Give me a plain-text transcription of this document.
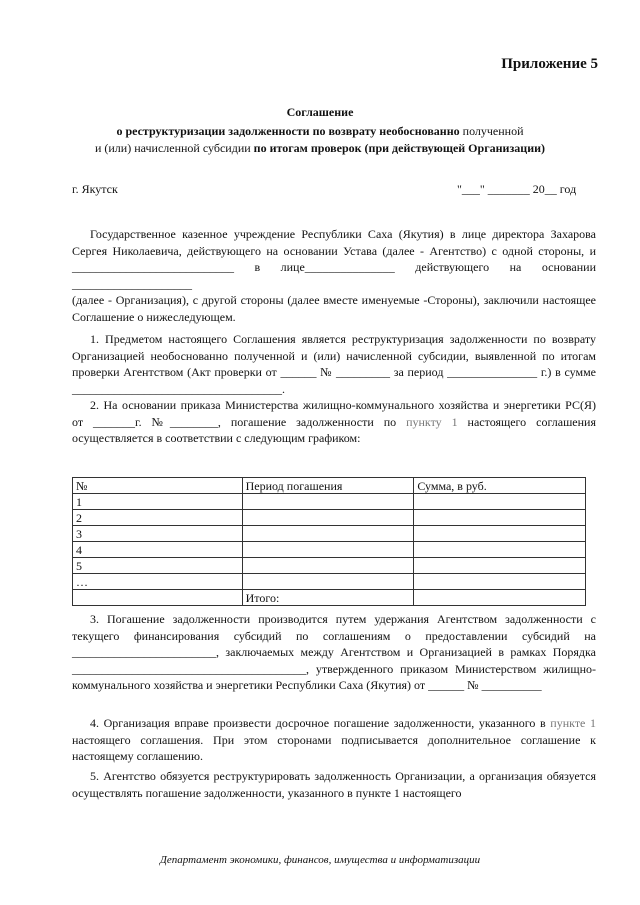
Приложение 5
Соглашение
о реструктуризации задолженности по возврату необоснованно полученной
и (или) начисленной субсидии по итогам проверок (при действующей Организации)
г. Якутск	"___" _______ 20__ год

Государственное казенное учреждение Республики Саха (Якутия) в лице директора Захарова Сергея Николаевича, действующего на основании Устава (далее - Агентство) с одной стороны, и ___________________________ в лице_______________ действующего на основании ____________________

(далее - Организация), с другой стороны (далее вместе именуемые -Стороны), заключили настоящее Соглашение о нижеследующем.

1. Предметом настоящего Соглашения является реструктуризация задолженности по возврату Организацией необоснованно полученной и (или) начисленной субсидии, выявленной по итогам проверки Агентством (Акт проверки от ______ № _________ за период _______________ г.) в сумме ___________________________________.

2. На основании приказа Министерства жилищно-коммунального хозяйства и энергетики РС(Я) от _______г. №________, погашение задолженности по пункту 1 настоящего соглашения осуществляется в соответствии с следующим графиком:

№	Период погашения	Сумма, в руб.
1		
2		
3		
4		
5		
…		
	Итого:	

3. Погашение задолженности производится путем удержания Агентством задолженности с текущего финансирования субсидий по соглашениям о предоставлении субсидий на ________________________, заключаемых между Агентством и Организацией в рамках Порядка _______________________________________, утвержденного приказом Министерством жилищно-коммунального хозяйства и энергетики Республики Саха (Якутия) от ______ № __________

4. Организация вправе произвести досрочное погашение задолженности, указанного в пункте 1 настоящего соглашения. При этом сторонами подписывается дополнительное соглашение к настоящему соглашению.

5. Агентство обязуется реструктурировать задолженность Организации, а организация обязуется осуществлять погашение задолженности, указанного в пункте 1 настоящего

Департамент экономики, финансов, имущества и информатизации
